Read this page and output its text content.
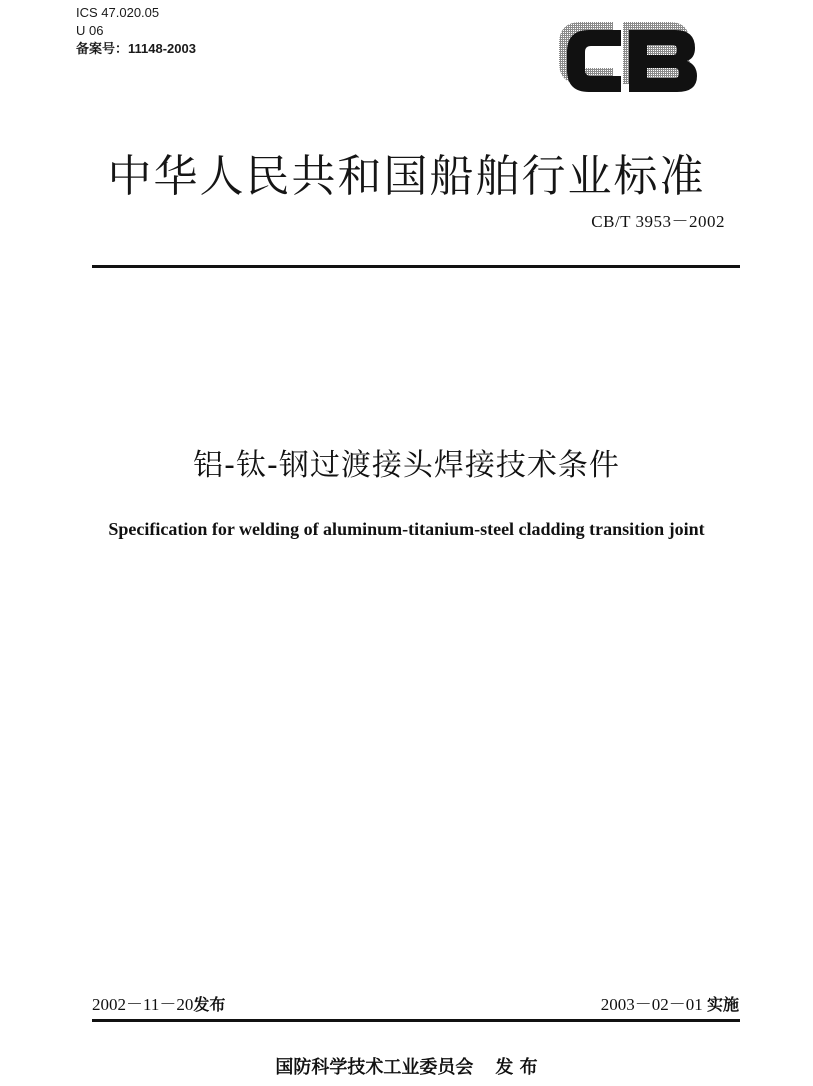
ICS 47.020.05
U 06
备案号：11148-2003
中华人民共和国船舶行业标准
CB/T 3953－2002
铝-钛-钢过渡接头焊接技术条件
Specification for welding of aluminum-titanium-steel cladding transition joint
2002－11－20发布	2003－02－01 实施
国防科学技术工业委员会 发 布
